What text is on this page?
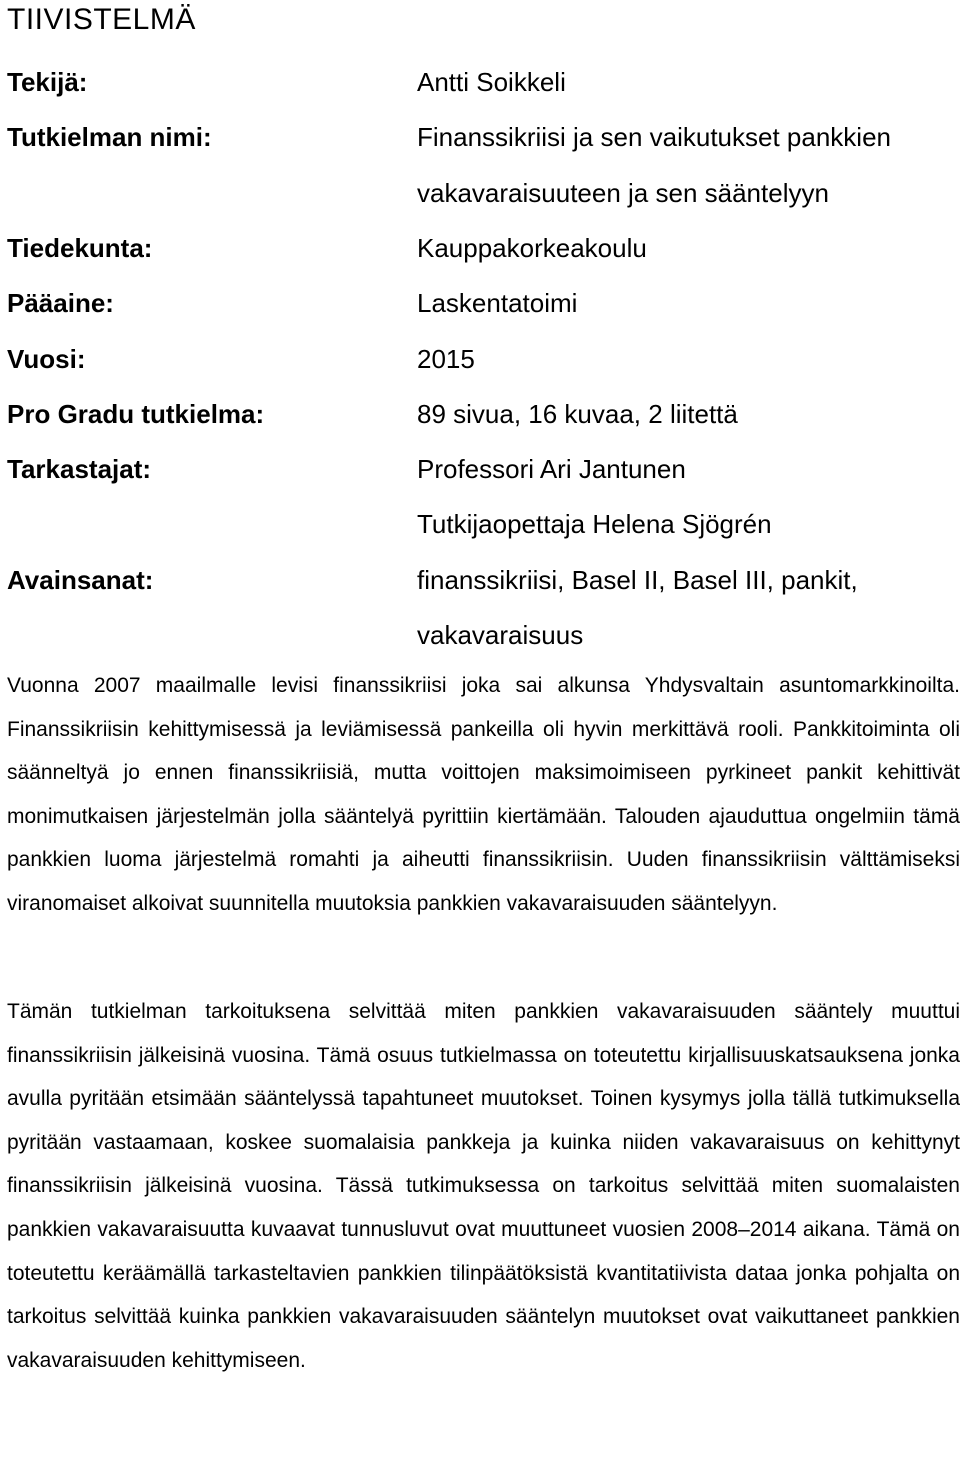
TIIVISTELMÄ
Tekijä:	Antti Soikkeli
Tutkielman nimi:	Finanssikriisi ja sen vaikutukset pankkien
vakavaraisuuteen ja sen sääntelyyn
Tiedekunta:	Kauppakorkeakoulu
Pääaine:	Laskentatoimi
Vuosi:	2015
Pro Gradu tutkielma:	89 sivua, 16 kuvaa, 2 liitettä
Tarkastajat:	Professori Ari Jantunen
Tutkijaopettaja Helena Sjögrén
Avainsanat:	finanssikriisi, Basel II, Basel III, pankit,
vakavaraisuus

Vuonna 2007 maailmalle levisi finanssikriisi joka sai alkunsa Yhdysvaltain asuntomarkkinoilta. Finanssikriisin kehittymisessä ja leviämisessä pankeilla oli hyvin merkittävä rooli. Pankkitoiminta oli säänneltyä jo ennen finanssikriisiä, mutta voittojen maksimoimiseen pyrkineet pankit kehittivät monimutkaisen järjestelmän jolla sääntelyä pyrittiin kiertämään. Talouden ajauduttua ongelmiin tämä pankkien luoma järjestelmä romahti ja aiheutti finanssikriisin. Uuden finanssikriisin välttämiseksi viranomaiset alkoivat suunnitella muutoksia pankkien vakavaraisuuden sääntelyyn.

Tämän tutkielman tarkoituksena selvittää miten pankkien vakavaraisuuden sääntely muuttui finanssikriisin jälkeisinä vuosina. Tämä osuus tutkielmassa on toteutettu kirjallisuuskatsauksena jonka avulla pyritään etsimään sääntelyssä tapahtuneet muutokset. Toinen kysymys jolla tällä tutkimuksella pyritään vastaamaan, koskee suomalaisia pankkeja ja kuinka niiden vakavaraisuus on kehittynyt finanssikriisin jälkeisinä vuosina. Tässä tutkimuksessa on tarkoitus selvittää miten suomalaisten pankkien vakavaraisuutta kuvaavat tunnusluvut ovat muuttuneet vuosien 2008–2014 aikana. Tämä on toteutettu keräämällä tarkasteltavien pankkien tilinpäätöksistä kvantitatiivista dataa jonka pohjalta on tarkoitus selvittää kuinka pankkien vakavaraisuuden sääntelyn muutokset ovat vaikuttaneet pankkien vakavaraisuuden kehittymiseen.
